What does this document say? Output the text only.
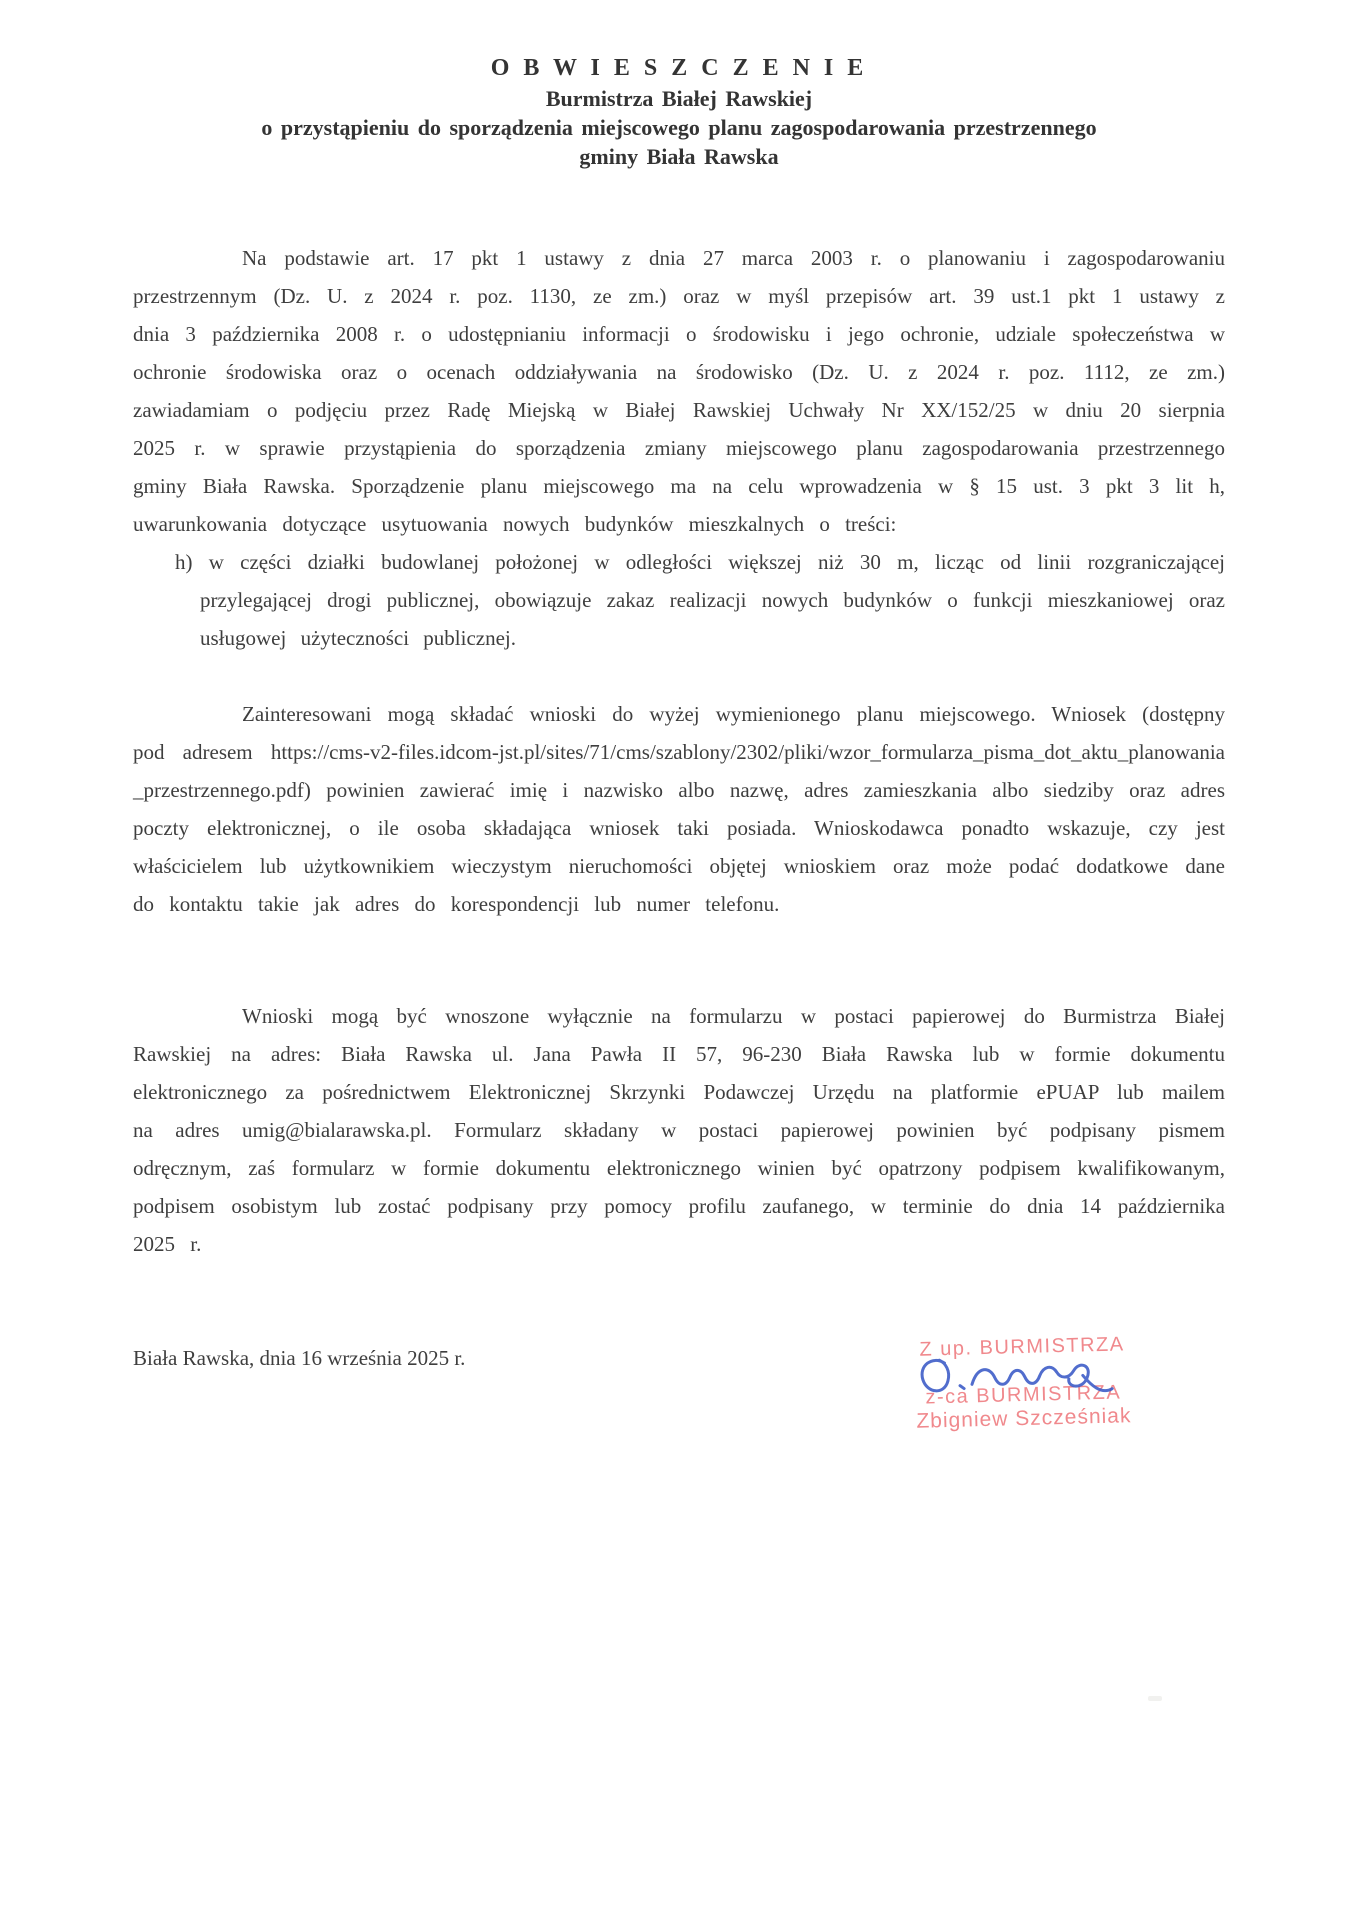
O B W I E S Z C Z E N I E
Burmistrza Białej Rawskiej
o przystąpieniu do sporządzenia miejscowego planu zagospodarowania przestrzennego
gminy Biała Rawska

Na podstawie art. 17 pkt 1 ustawy z dnia 27 marca 2003 r. o planowaniu i zagospodarowaniu przestrzennym (Dz. U. z 2024 r. poz. 1130, ze zm.) oraz w myśl przepisów art. 39 ust.1 pkt 1 ustawy z dnia 3 października 2008 r. o udostępnianiu informacji o środowisku i jego ochronie, udziale społeczeństwa w ochronie środowiska oraz o ocenach oddziaływania na środowisko (Dz. U. z 2024 r. poz. 1112, ze zm.) zawiadamiam o podjęciu przez Radę Miejską w Białej Rawskiej Uchwały Nr XX/152/25 w dniu 20 sierpnia 2025 r. w sprawie przystąpienia do sporządzenia zmiany miejscowego planu zagospodarowania przestrzennego gminy Biała Rawska. Sporządzenie planu miejscowego ma na celu wprowadzenia w § 15 ust. 3 pkt 3 lit h, uwarunkowania dotyczące usytuowania nowych budynków mieszkalnych o treści:

h) w części działki budowlanej położonej w odległości większej niż 30 m, licząc od linii rozgraniczającej przylegającej drogi publicznej, obowiązuje zakaz realizacji nowych budynków o funkcji mieszkaniowej oraz usługowej użyteczności publicznej.

Zainteresowani mogą składać wnioski do wyżej wymienionego planu miejscowego. Wniosek (dostępny pod adresem https://cms-v2-files.idcom-jst.pl/sites/71/cms/szablony/2302/pliki/wzor_formularza_pisma_dot_aktu_planowania_przestrzennego.pdf) powinien zawierać imię i nazwisko albo nazwę, adres zamieszkania albo siedziby oraz adres poczty elektronicznej, o ile osoba składająca wniosek taki posiada. Wnioskodawca ponadto wskazuje, czy jest właścicielem lub użytkownikiem wieczystym nieruchomości objętej wnioskiem oraz może podać dodatkowe dane do kontaktu takie jak adres do korespondencji lub numer telefonu.

Wnioski mogą być wnoszone wyłącznie na formularzu w postaci papierowej do Burmistrza Białej Rawskiej na adres: Biała Rawska ul. Jana Pawła II 57, 96-230 Biała Rawska lub w formie dokumentu elektronicznego za pośrednictwem Elektronicznej Skrzynki Podawczej Urzędu na platformie ePUAP lub mailem na adres umig@bialarawska.pl. Formularz składany w postaci papierowej powinien być podpisany pismem odręcznym, zaś formularz w formie dokumentu elektronicznego winien być opatrzony podpisem kwalifikowanym, podpisem osobistym lub zostać podpisany przy pomocy profilu zaufanego, w terminie do dnia 14 października 2025 r.

Biała Rawska, dnia 16 września 2025 r.	Z up. BURMISTRZA
z-ca BURMISTRZA
Zbigniew Szcześniak
